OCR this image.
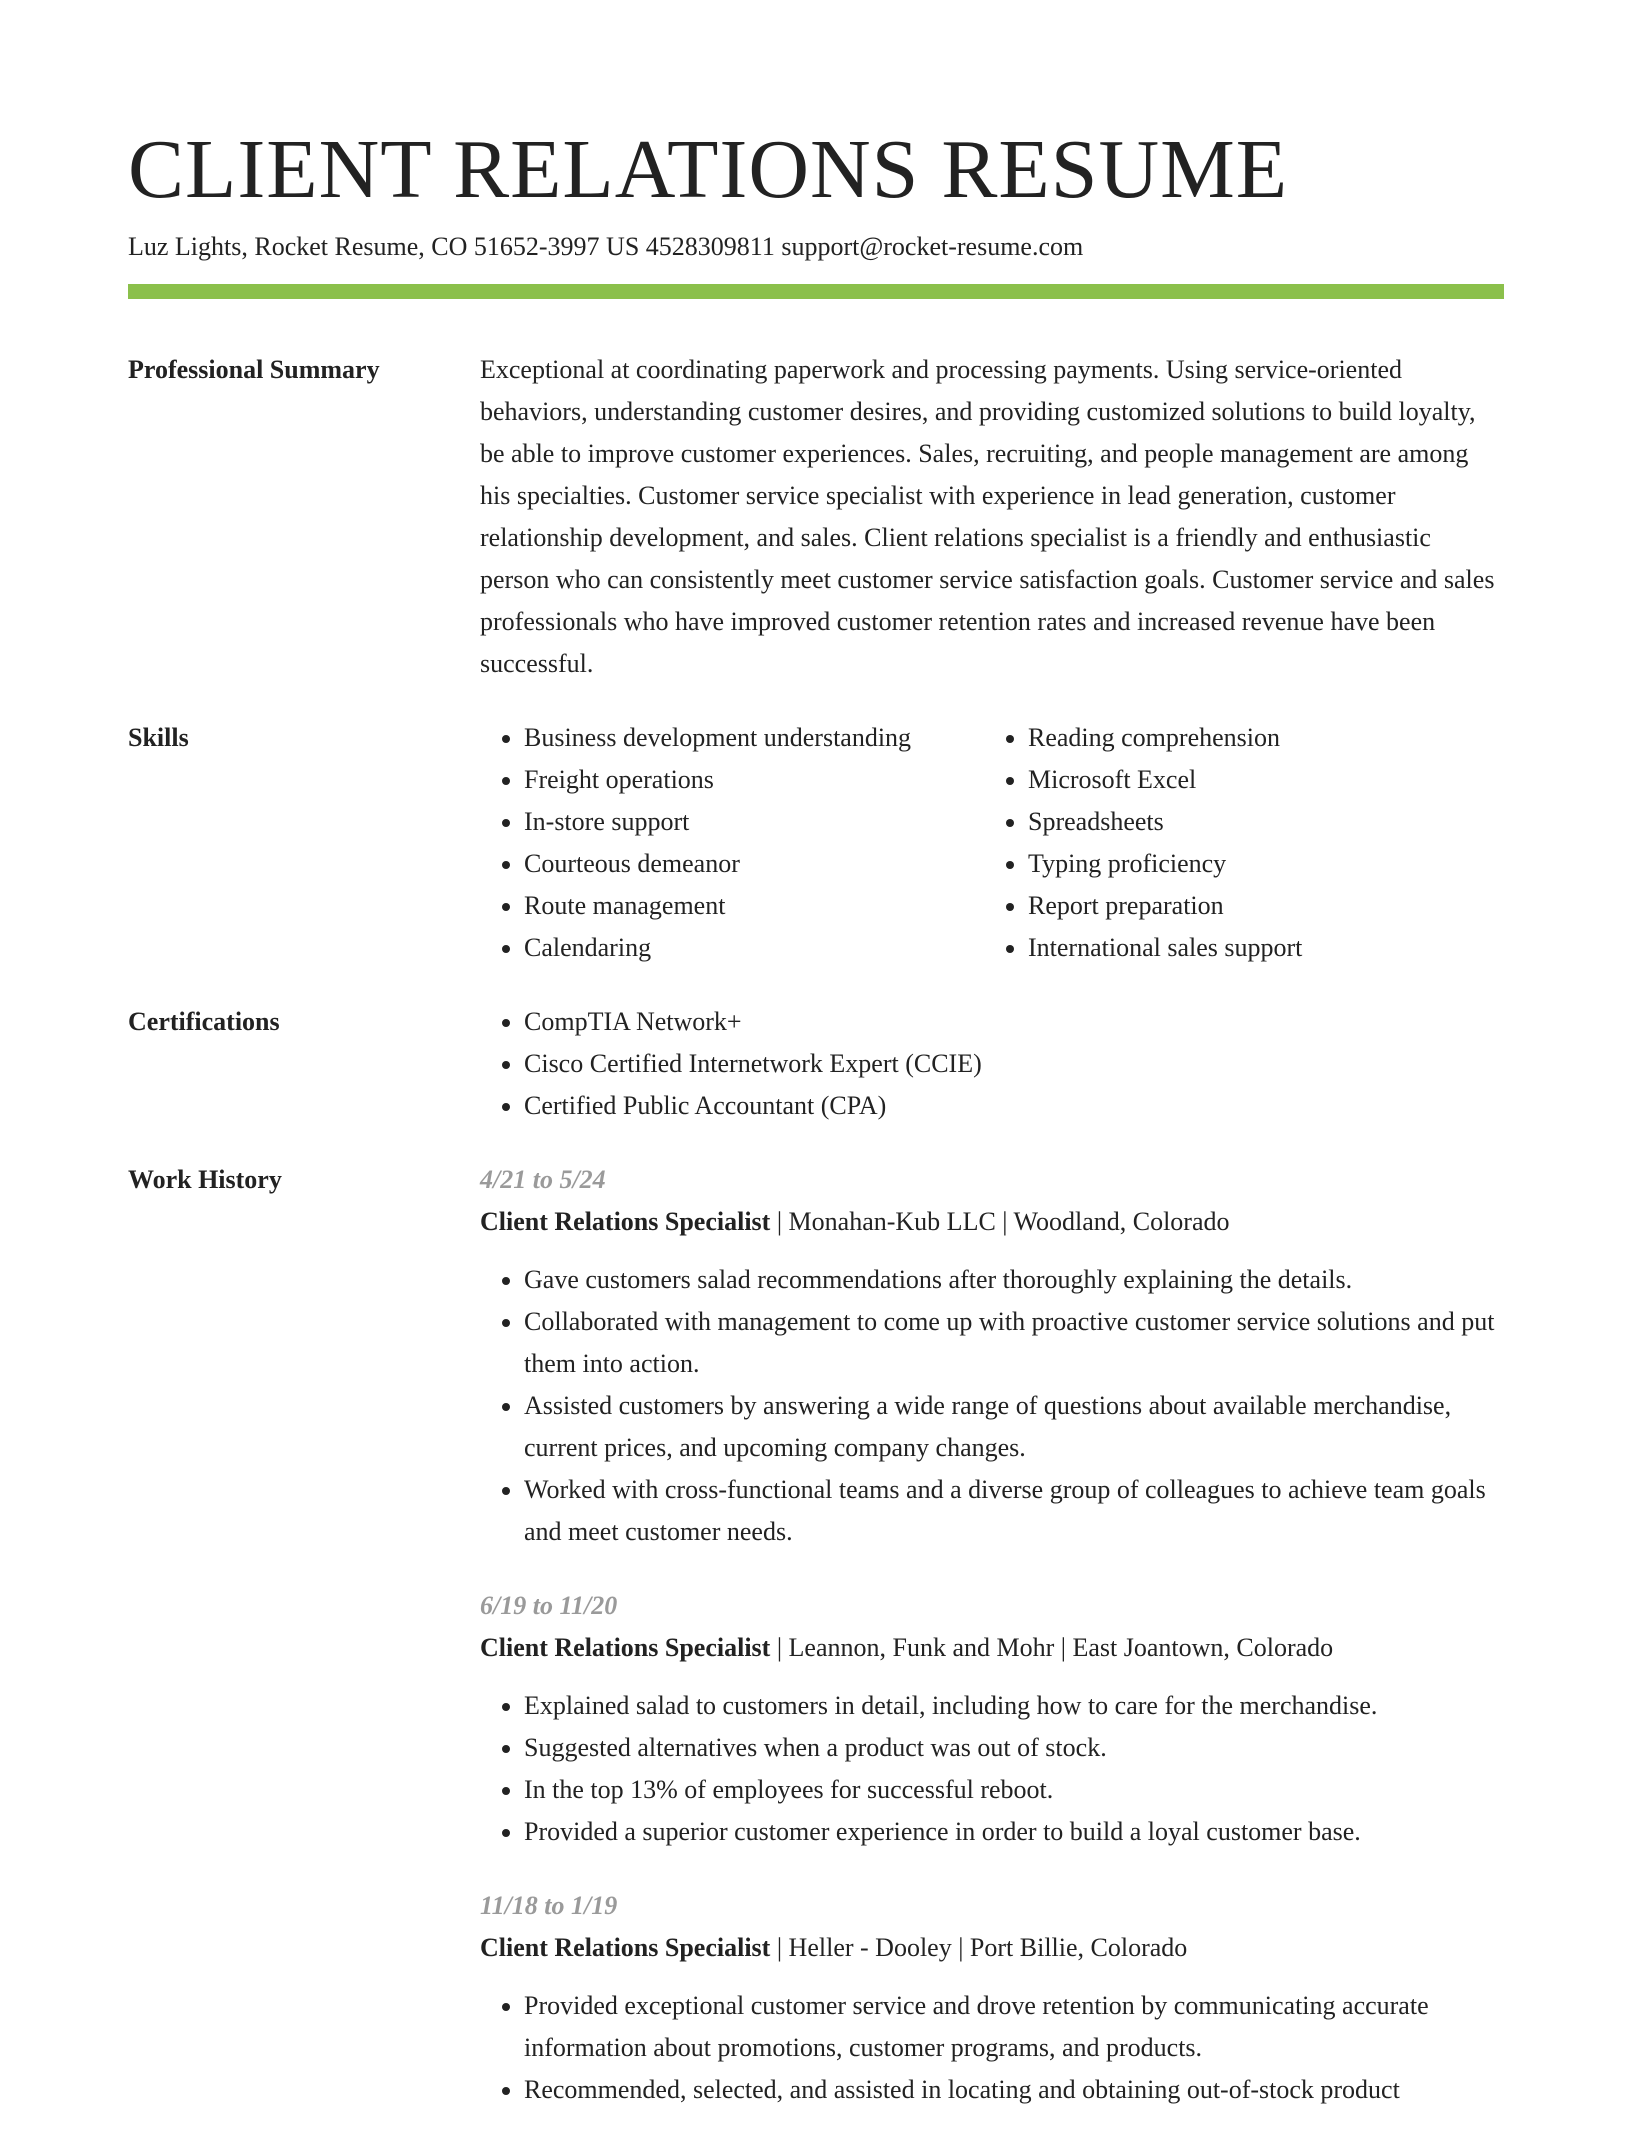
CLIENT RELATIONS RESUME
Luz Lights, Rocket Resume, CO 51652-3997 US 4528309811 support@rocket-resume.com
Professional Summary	Exceptional at coordinating paperwork and processing payments. Using service-oriented behaviors, understanding customer desires, and providing customized solutions to build loyalty, be able to improve customer experiences. Sales, recruiting, and people management are among his specialties. Customer service specialist with experience in lead generation, customer relationship development, and sales. Client relations specialist is a friendly and enthusiastic person who can consistently meet customer service satisfaction goals. Customer service and sales professionals who have improved customer retention rates and increased revenue have been successful.

Skills	• Business development understanding
• Freight operations
• In-store support
• Courteous demeanor
• Route management
• Calendaring
• Reading comprehension
• Microsoft Excel
• Spreadsheets
• Typing proficiency
• Report preparation
• International sales support
Certifications	• CompTIA Network+
• Cisco Certified Internetwork Expert (CCIE)
• Certified Public Accountant (CPA)
Work History	4/21 to 5/24
Client Relations Specialist | Monahan-Kub LLC | Woodland, Colorado
• Gave customers salad recommendations after thoroughly explaining the details.
• Collaborated with management to come up with proactive customer service solutions and put them into action.
• Assisted customers by answering a wide range of questions about available merchandise, current prices, and upcoming company changes.
• Worked with cross-functional teams and a diverse group of colleagues to achieve team goals and meet customer needs.
6/19 to 11/20
Client Relations Specialist | Leannon, Funk and Mohr | East Joantown, Colorado
• Explained salad to customers in detail, including how to care for the merchandise.
• Suggested alternatives when a product was out of stock.
• In the top 13% of employees for successful reboot.
• Provided a superior customer experience in order to build a loyal customer base.
11/18 to 1/19
Client Relations Specialist | Heller - Dooley | Port Billie, Colorado
• Provided exceptional customer service and drove retention by communicating accurate information about promotions, customer programs, and products.
• Recommended, selected, and assisted in locating and obtaining out-of-stock product
